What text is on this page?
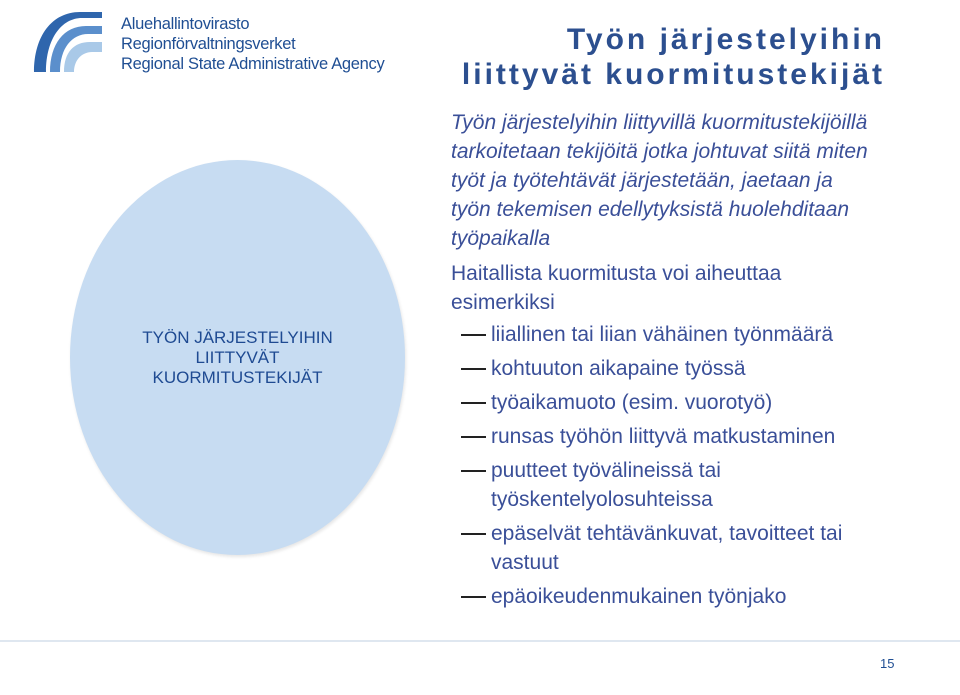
Aluehallintovirasto
Regionförvaltningsverket
Regional State Administrative Agency
Työn järjestelyihin
liittyvät kuormitustekijät
TYÖN JÄRJESTELYIHIN
LIITTYVÄT
KUORMITUSTEKIJÄT
Työn järjestelyihin liittyvillä kuormitustekijöillä
tarkoitetaan tekijöitä jotka johtuvat siitä miten
työt ja työtehtävät järjestetään, jaetaan ja
työn tekemisen edellytyksistä huolehditaan
työpaikalla
Haitallista kuormitusta voi aiheuttaa
esimerkiksi
liiallinen tai liian vähäinen työnmäärä
kohtuuton aikapaine työssä
työaikamuoto (esim. vuorotyö)
runsas työhön liittyvä matkustaminen
puutteet työvälineissä tai
työskentelyolosuhteissa
epäselvät tehtävänkuvat, tavoitteet tai
vastuut
epäoikeudenmukainen työnjako
15
